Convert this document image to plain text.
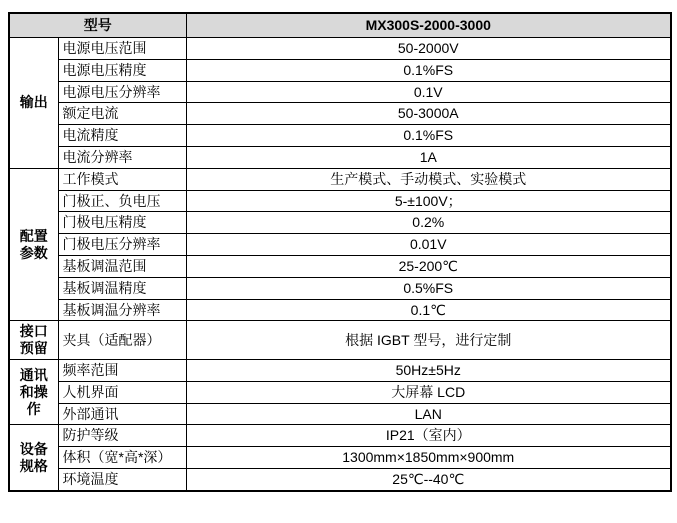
型号		MX300S-2000-3000
输出	电源电压范围	50-2000V
	电源电压精度	0.1%FS
	电源电压分辨率	0.1V
	额定电流	50-3000A
	电流精度	0.1%FS
	电流分辨率	1A
配置参数	工作模式	生产模式、手动模式、实验模式
	门极正、负电压	5-±100V；
	门极电压精度	0.2%
	门极电压分辨率	0.01V
	基板调温范围	25-200℃
	基板调温精度	0.5%FS
	基板调温分辨率	0.1℃
接口预留	夹具（适配器）	根据 IGBT 型号，进行定制
通讯和操作	频率范围	50Hz±5Hz
	人机界面	大屏幕 LCD
	外部通讯	LAN
设备规格	防护等级	IP21（室内）
	体积（宽*高*深）	1300mm×1850mm×900mm
	环境温度	25℃--40℃
